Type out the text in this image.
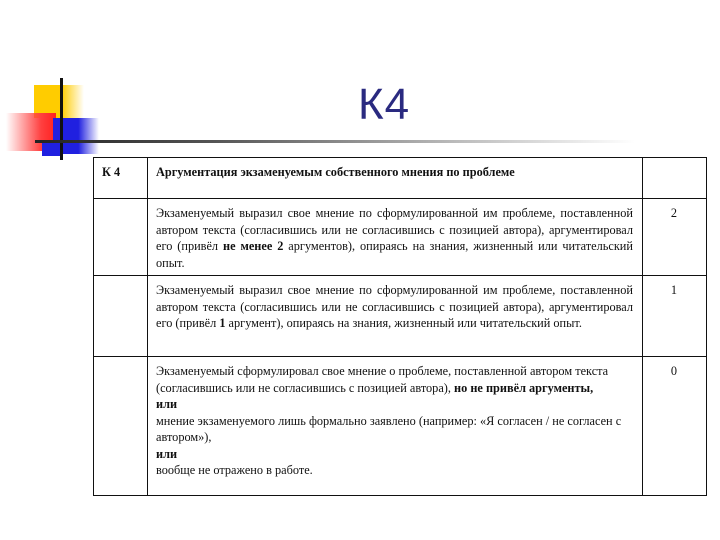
К4
К 4	Аргументация экзаменуемым собственного мнения по проблеме	
	Экзаменуемый выразил свое мнение по сформулированной им проблеме, поставленной автором текста (согласившись или не согласившись с позицией автора), аргументировал его (привёл не менее 2 аргументов), опираясь на знания, жизненный или читательский опыт.	2
	Экзаменуемый выразил свое мнение по сформулированной им проблеме, поставленной автором текста (согласившись или не согласившись с позицией автора), аргументировал его (привёл 1 аргумент), опираясь на знания, жизненный или читательский опыт.	1
	Экзаменуемый сформулировал свое мнение о проблеме, поставленной автором текста (согласившись или не согласившись с позицией автора), но не привёл аргументы,
или
мнение экзаменуемого лишь формально заявлено (например: «Я согласен / не согласен с автором»),
или
вообще не отражено в работе.	0
